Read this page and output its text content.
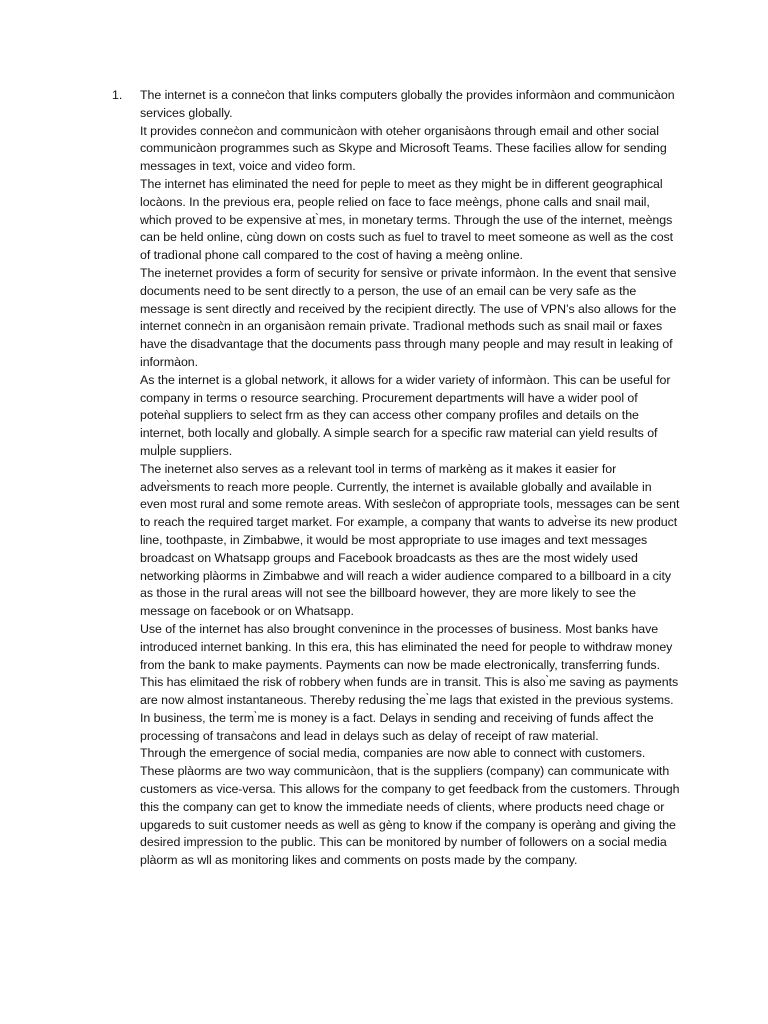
1.	The internet is a connec̀on that links computers globally the provides informàon and communicàon services globally.

It provides connec̀on and communicàon with oteher organisàons through email and other social communicàon programmes such as Skype and Microsoft Teams. These facilìes allow for sending messages in text, voice and video form.

The internet has eliminated the need for peple to meet as they might be in different geographical locàons. In the previous era, people relied on face to face meèngs, phone calls and snail mail, which proved to be expensive at ̀mes, in monetary terms. Through the use of the internet, meèngs can be held online, cùng down on costs such as fuel to travel to meet someone as well as the cost of tradìonal phone call compared to the cost of having a meèng online.

The ineternet provides a form of security for sensìve or private informàon. In the event that sensìve documents need to be sent directly to a person, the use of an email can be very safe as the message is sent directly and received by the recipient directly. The use of VPN’s also allows for the internet connec̀n in an organisàon remain private. Tradìonal methods such as snail mail or faxes have the disadvantage that the documents pass through many people and may result in leaking of informàon.

As the internet is a global network, it allows for a wider variety of informàon. This can be useful for company in terms o resource searching. Procurement departments will have a wider pool of poteǹal suppliers to select frm as they can access other company profiles and details on the internet, both locally and globally. A simple search for a specific raw material can yield results of mul̀ple suppliers.

The ineternet also serves as a relevant tool in terms of markèng as it makes it easier for adver̀sments to reach more people. Currently, the internet is available globally and available in even most rural and some remote areas. With seslec̀on of appropriate tools, messages can be sent to reach the required target market. For example, a company that wants to adver̀se its new product line, toothpaste, in Zimbabwe, it would be most appropriate to use images and text messages broadcast on Whatsapp groups and Facebook broadcasts as thes are the most widely used networking plàorms in Zimbabwe and will reach a wider audience compared to a billboard in a city as those in the rural areas will not see the billboard however, they are more likely to see the message on facebook or on Whatsapp.

Use of the internet has also brought convenince in the processes of business. Most banks have introduced internet banking. In this era, this has eliminated the need for people to withdraw money from the bank to make payments. Payments can now be made electronically, transferring funds. This has elimitaed the risk of robbery when funds are in transit. This is also ̀me saving as payments are now almost instantaneous. Thereby redusing the ̀me lags that existed in the previous systems. In business, the term ̀me is money is a fact. Delays in sending and receiving of funds affect the processing of transac̀ons and lead in delays such as delay of receipt of raw material.

Through the emergence of social media, companies are now able to connect with customers. These plàorms are two way communicàon, that is the suppliers (company) can communicate with customers as vice-versa. This allows for the company to get feedback from the customers. Through this the company can get to know the immediate needs of clients, where products need chage or upgareds to suit customer needs as well as gèng to know if the company is operàng and giving the desired impression to the public. This can be monitored by number of followers on a social media plàorm as wll as monitoring likes and comments on posts made by the company.
